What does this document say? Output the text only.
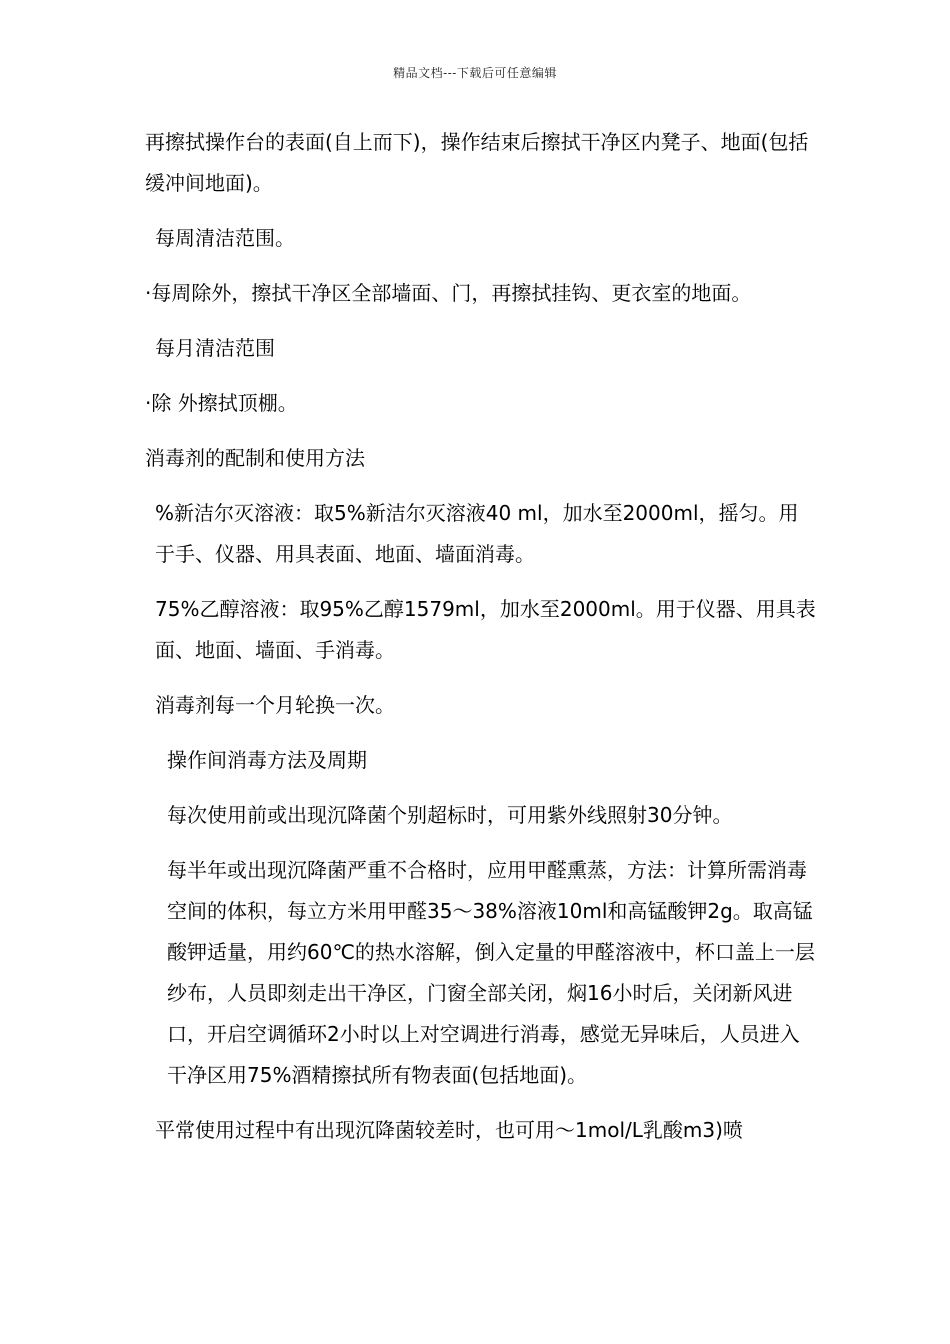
精品文档---下载后可任意编辑

再擦拭操作台的表面(自上而下)，操作结束后擦拭干净区内凳子、地面(包括缓冲间地面)。

每周清洁范围。

·每周除外，擦拭干净区全部墙面、门，再擦拭挂钩、更衣室的地面。

每月清洁范围

·除 外擦拭顶棚。

消毒剂的配制和使用方法

%新洁尔灭溶液：取5%新洁尔灭溶液40 ml，加水至2000ml，摇匀。用于手、仪器、用具表面、地面、墙面消毒。

75%乙醇溶液：取95%乙醇1579ml，加水至2000ml。用于仪器、用具表面、地面、墙面、手消毒。

消毒剂每一个月轮换一次。

操作间消毒方法及周期

每次使用前或出现沉降菌个别超标时，可用紫外线照射30分钟。

每半年或出现沉降菌严重不合格时，应用甲醛熏蒸，方法：计算所需消毒空间的体积，每立方米用甲醛35～38%溶液10ml和高锰酸钾2g。取高锰酸钾适量，用约60℃的热水溶解，倒入定量的甲醛溶液中，杯口盖上一层纱布，人员即刻走出干净区，门窗全部关闭，焖16小时后，关闭新风进口，开启空调循环2小时以上对空调进行消毒，感觉无异味后，人员进入干净区用75%酒精擦拭所有物表面(包括地面)。

平常使用过程中有出现沉降菌较差时，也可用～1mol/L乳酸m3)喷
